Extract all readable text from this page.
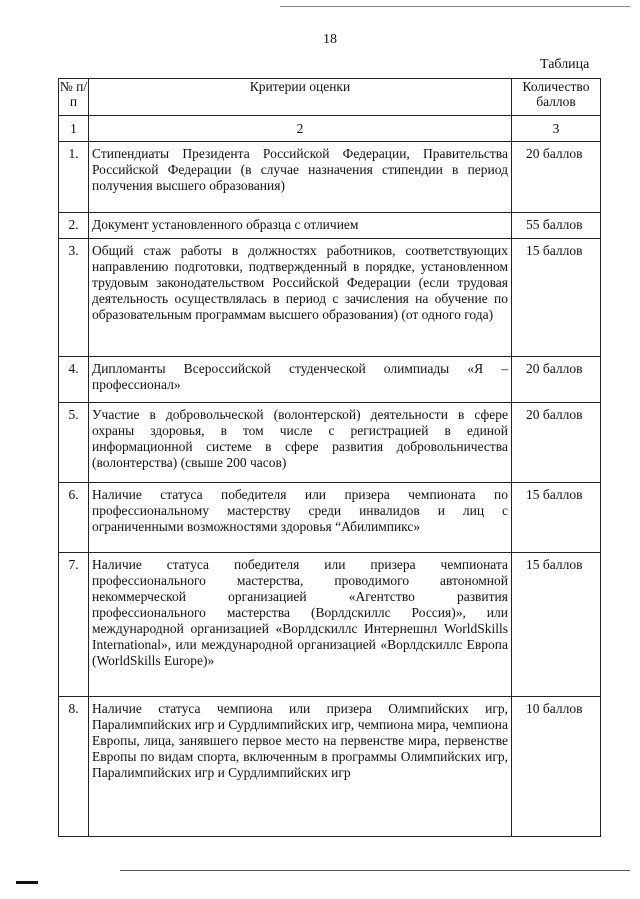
18
Таблица
№ п/п	Критерии оценки	Количество баллов
1	2	3
1.	Стипендиаты Президента Российской Федерации, Правительства Российской Федерации (в случае назначения стипендии в период получения высшего образования)	20 баллов
2.	Документ установленного образца с отличием	55 баллов
3.	Общий стаж работы в должностях работников, соответствующих направлению подготовки, подтвержденный в порядке, установленном трудовым законодательством Российской Федерации (если трудовая деятельность осуществлялась в период с зачисления на обучение по образовательным программам высшего образования) (от одного года)	15 баллов
4.	Дипломанты Всероссийской студенческой олимпиады «Я – профессионал»	20 баллов
5.	Участие в добровольческой (волонтерской) деятельности в сфере охраны здоровья, в том числе с регистрацией в единой информационной системе в сфере развития добровольничества (волонтерства) (свыше 200 часов)	20 баллов
6.	Наличие статуса победителя или призера чемпионата по профессиональному мастерству среди инвалидов и лиц с ограниченными возможностями здоровья “Абилимпикс»	15 баллов
7.	Наличие статуса победителя или призера чемпионата профессионального мастерства, проводимого автономной некоммерческой организацией «Агентство развития профессионального мастерства (Ворлдскиллс Россия)», или международной организацией «Ворлдскиллс Интернешнл WorldSkills International», или международной организацией «Ворлдскиллс Европа (WorldSkills Europe)»	15 баллов
8.	Наличие статуса чемпиона или призера Олимпийских игр, Паралимпийских игр и Сурдлимпийских игр, чемпиона мира, чемпиона Европы, лица, занявшего первое место на первенстве мира, первенстве Европы по видам спорта, включенным в программы Олимпийских игр, Паралимпийских игр и Сурдлимпийских игр	10 баллов
